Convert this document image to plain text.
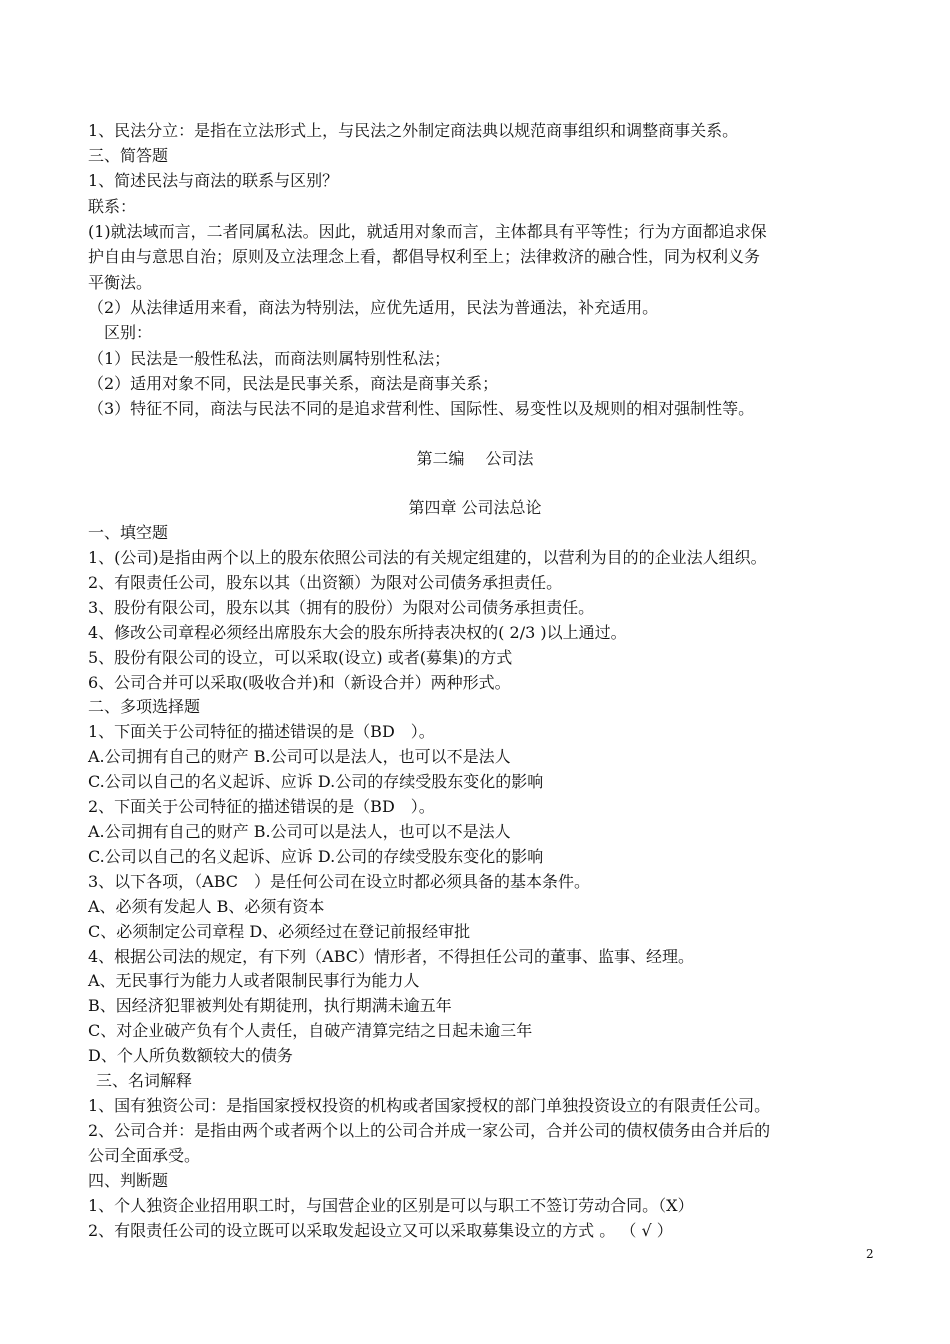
1、民法分立：是指在立法形式上，与民法之外制定商法典以规范商事组织和调整商事关系。
三、简答题
1、简述民法与商法的联系与区别？
联系：
(1)就法域而言，二者同属私法。因此，就适用对象而言，主体都具有平等性；行为方面都追求保
护自由与意思自治；原则及立法理念上看，都倡导权利至上；法律救济的融合性，同为权利义务
平衡法。
（2）从法律适用来看，商法为特别法，应优先适用，民法为普通法，补充适用。
区别：
（1）民法是一般性私法，而商法则属特别性私法；
（2）适用对象不同，民法是民事关系，商法是商事关系；
（3）特征不同，商法与民法不同的是追求营利性、国际性、易变性以及规则的相对强制性等。
第二编　 公司法
第四章 公司法总论
一、填空题
1、(公司)是指由两个以上的股东依照公司法的有关规定组建的，以营利为目的的企业法人组织。
2、有限责任公司，股东以其（出资额）为限对公司债务承担责任。
3、股份有限公司，股东以其（拥有的股份）为限对公司债务承担责任。
4、修改公司章程必须经出席股东大会的股东所持表决权的( 2/3 )以上通过。
5、股份有限公司的设立，可以采取(设立) 或者(募集)的方式
6、公司合并可以采取(吸收合并)和（新设合并）两种形式。
二、多项选择题
1、下面关于公司特征的描述错误的是（BD　）。
A.公司拥有自己的财产 B.公司可以是法人，也可以不是法人
C.公司以自己的名义起诉、应诉 D.公司的存续受股东变化的影响
2、下面关于公司特征的描述错误的是（BD　）。
A.公司拥有自己的财产 B.公司可以是法人，也可以不是法人
C.公司以自己的名义起诉、应诉 D.公司的存续受股东变化的影响
3、以下各项，（ABC　）是任何公司在设立时都必须具备的基本条件。
A、必须有发起人 B、必须有资本
C、必须制定公司章程 D、必须经过在登记前报经审批
4、根据公司法的规定，有下列（ABC）情形者，不得担任公司的董事、监事、经理。
A、无民事行为能力人或者限制民事行为能力人
B、因经济犯罪被判处有期徒刑，执行期满未逾五年
C、对企业破产负有个人责任，自破产清算完结之日起未逾三年
D、个人所负数额较大的债务
三、名词解释
1、国有独资公司：是指国家授权投资的机构或者国家授权的部门单独投资设立的有限责任公司。
2、公司合并：是指由两个或者两个以上的公司合并成一家公司，合并公司的债权债务由合并后的
公司全面承受。
四、判断题
1、个人独资企业招用职工时，与国营企业的区别是可以与职工不签订劳动合同。（X）
2、有限责任公司的设立既可以采取发起设立又可以采取募集设立的方式 。 （ √ ）
2
